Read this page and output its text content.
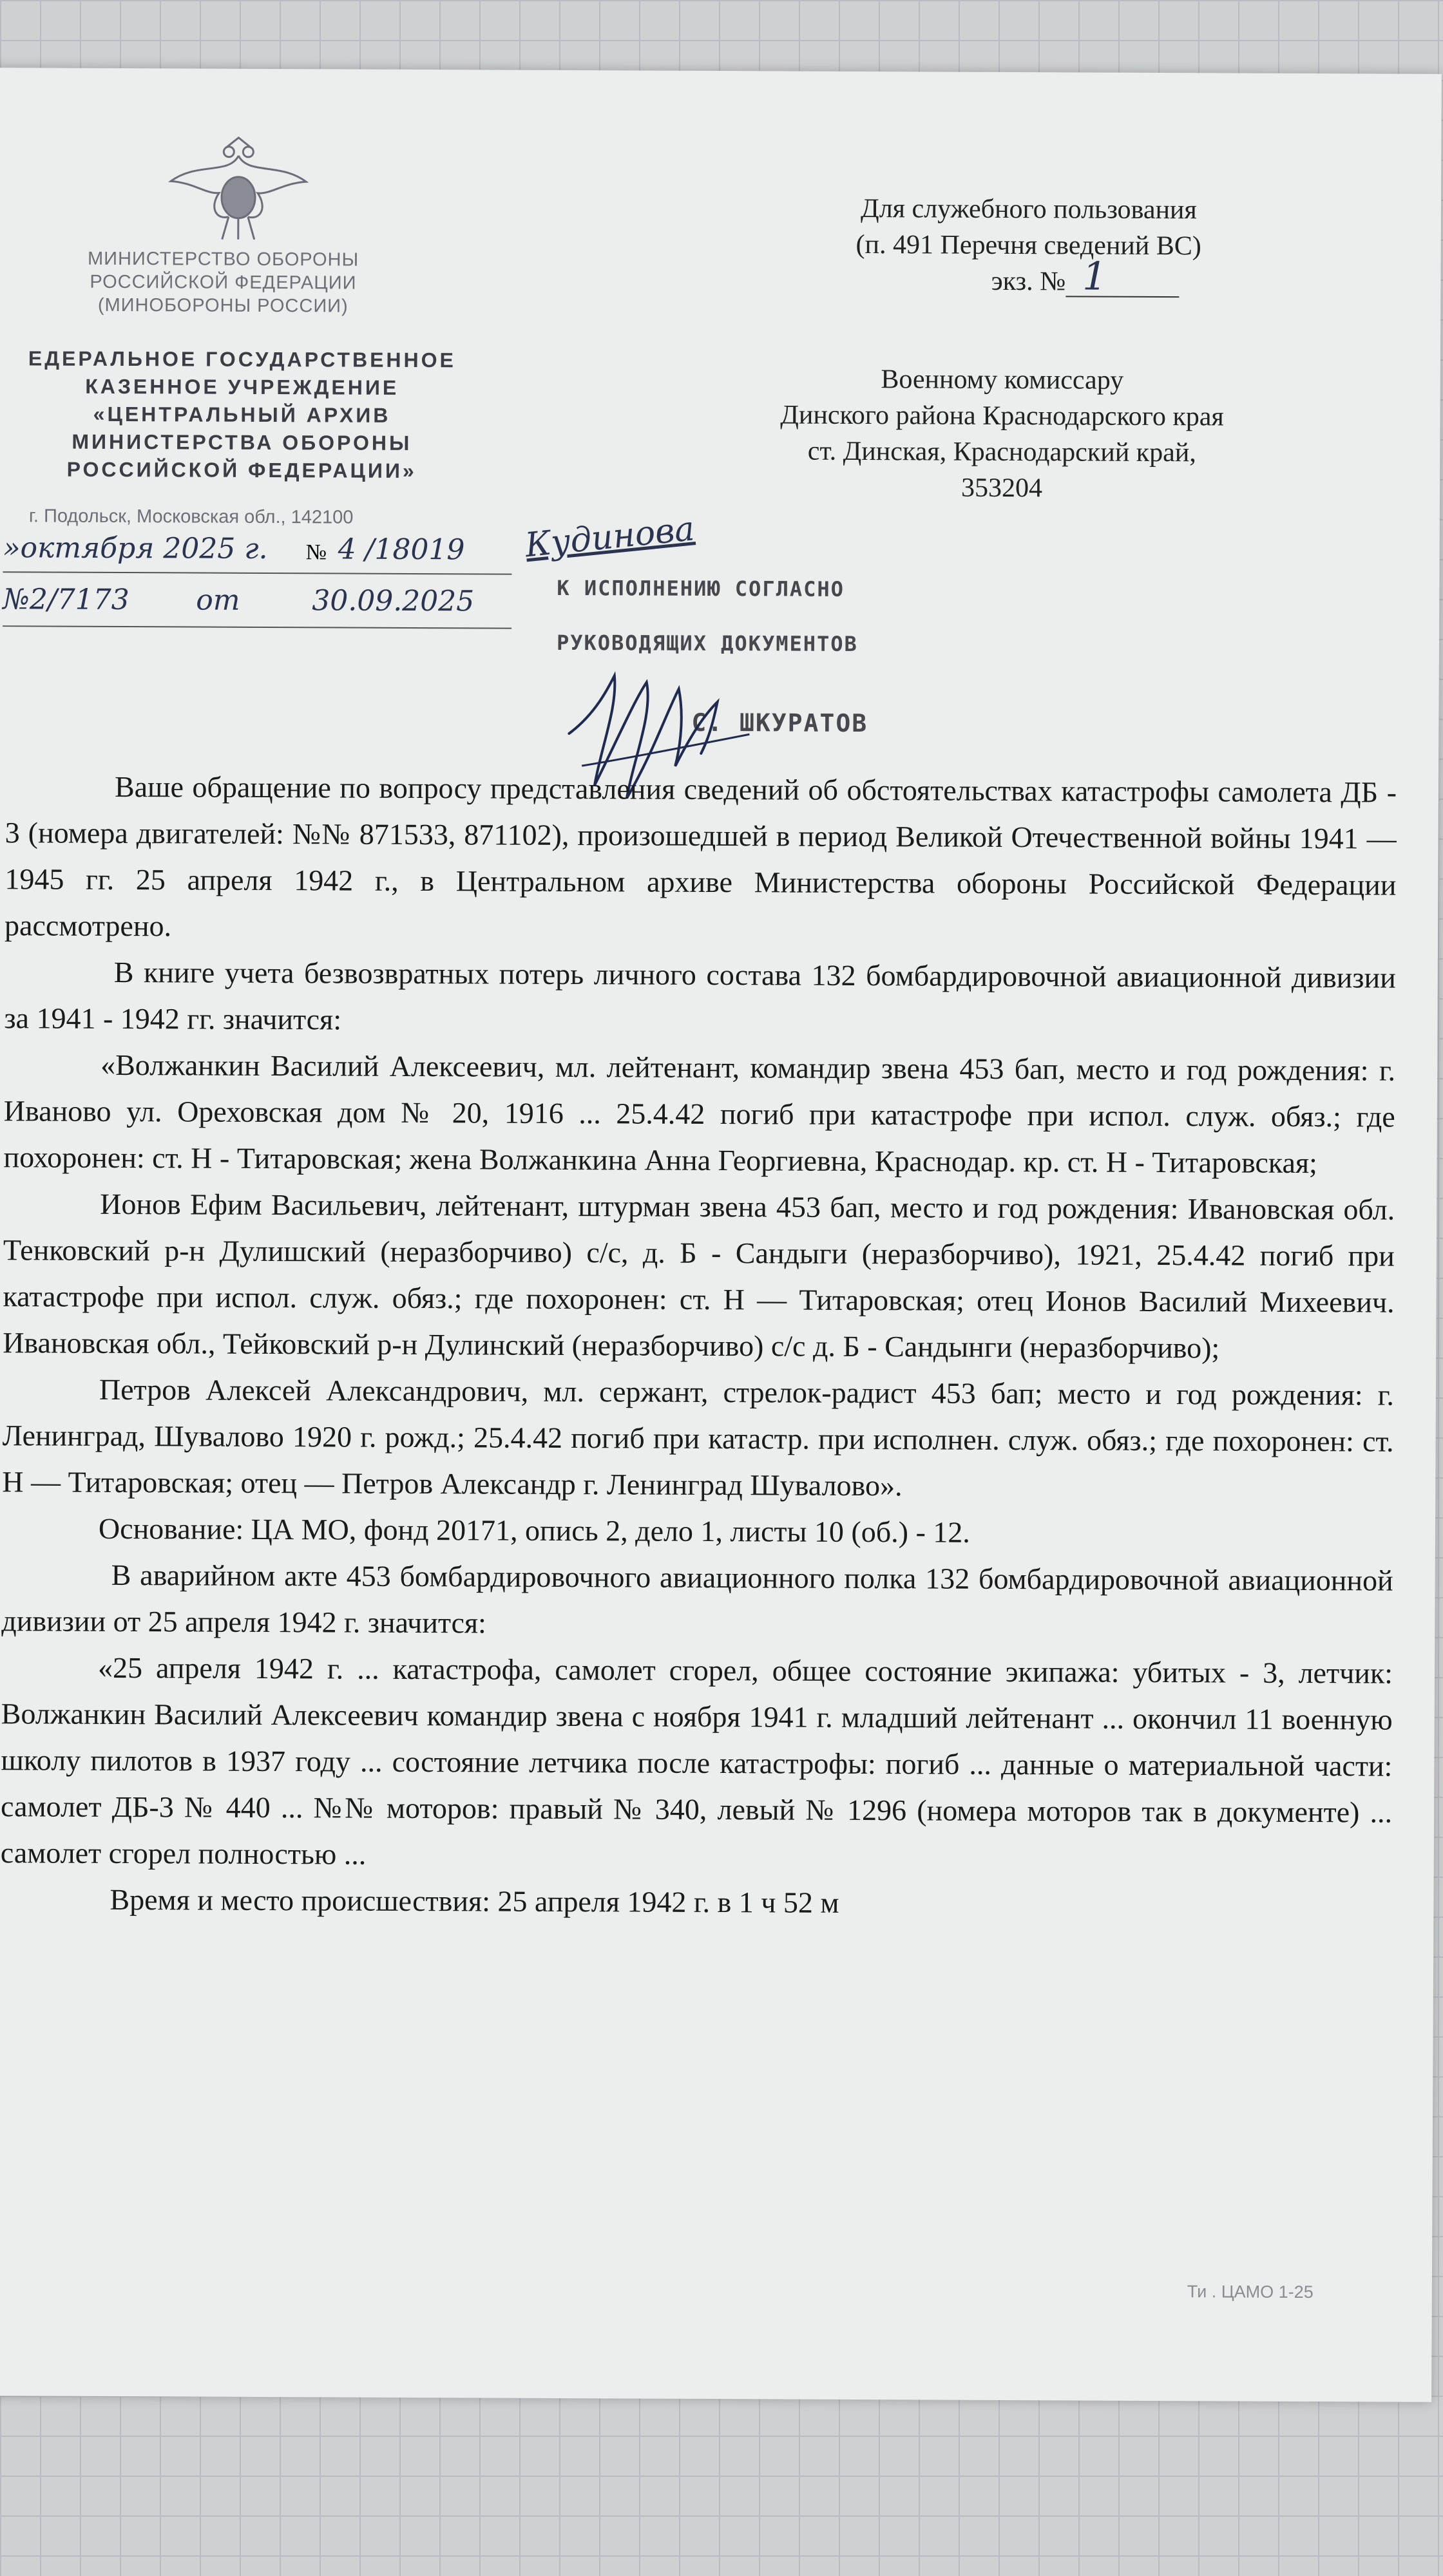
МИНИСТЕРСТВО ОБОРОНЫ
РОССИЙСКОЙ ФЕДЕРАЦИИ
(МИНОБОРОНЫ РОССИИ)
ЕДЕРАЛЬНОЕ ГОСУДАРСТВЕННОЕ
КАЗЕННОЕ УЧРЕЖДЕНИЕ
«ЦЕНТРАЛЬНЫЙ АРХИВ
МИНИСТЕРСТВА ОБОРОНЫ
РОССИЙСКОЙ ФЕДЕРАЦИИ»
г. Подольск, Московская обл., 142100
»октября 2025 г. № 4 /18019
№2/7173 от	30.09.2025
Для служебного пользования
(п. 491 Перечня сведений ВС)
экз. № 1
Военному комиссару
Динского района Краснодарского края
ст. Динская, Краснодарский край,
353204
Кудинова
К ИСПОЛНЕНИЮ СОГЛАСНО
РУКОВОДЯЩИХ ДОКУМЕНТОВ
С. ШКУРАТОВ

Ваше обращение по вопросу представления сведений об обстоятельствах катастрофы самолета ДБ - 3 (номера двигателей: №№ 871533, 871102), произошедшей в период Великой Отечественной войны 1941 — 1945 гг. 25 апреля 1942 г., в Центральном архиве Министерства обороны Российской Федерации рассмотрено.

В книге учета безвозвратных потерь личного состава 132 бомбардировочной авиационной дивизии за 1941 - 1942 гг. значится:

«Волжанкин Василий Алексеевич, мл. лейтенант, командир звена 453 бап, место и год рождения: г. Иваново ул. Ореховская дом № 20, 1916 ... 25.4.42 погиб при катастрофе при испол. служ. обяз.; где похоронен: ст. Н - Титаровская; жена Волжанкина Анна Георгиевна, Краснодар. кр. ст. Н - Титаровская;

Ионов Ефим Васильевич, лейтенант, штурман звена 453 бап, место и год рождения: Ивановская обл. Тенковский р-н Дулишский (неразборчиво) с/с, д. Б - Сандыги (неразборчиво), 1921, 25.4.42 погиб при катастрофе при испол. служ. обяз.; где похоронен: ст. Н — Титаровская; отец Ионов Василий Михеевич. Ивановская обл., Тейковский р-н Дулинский (неразборчиво) с/с д. Б - Сандынги (неразборчиво);

Петров Алексей Александрович, мл. сержант, стрелок-радист 453 бап; место и год рождения: г. Ленинград, Шувалово 1920 г. рожд.; 25.4.42 погиб при катастр. при исполнен. служ. обяз.; где похоронен: ст. Н — Титаровская; отец — Петров Александр г. Ленинград Шувалово».

Основание: ЦА МО, фонд 20171, опись 2, дело 1, листы 10 (об.) - 12.

В аварийном акте 453 бомбардировочного авиационного полка 132 бомбардировочной авиационной дивизии от 25 апреля 1942 г. значится:

«25 апреля 1942 г. ... катастрофа, самолет сгорел, общее состояние экипажа: убитых - 3, летчик: Волжанкин Василий Алексеевич командир звена с ноября 1941 г. младший лейтенант ... окончил 11 военную школу пилотов в 1937 году ... состояние летчика после катастрофы: погиб ... данные о материальной части: самолет ДБ-3 № 440 ... №№ моторов: правый № 340, левый № 1296 (номера моторов так в документе) ... самолет сгорел полностью ...

Время и место происшествия: 25 апреля 1942 г. в 1 ч 52 м

Ти . ЦАМО 1-25
